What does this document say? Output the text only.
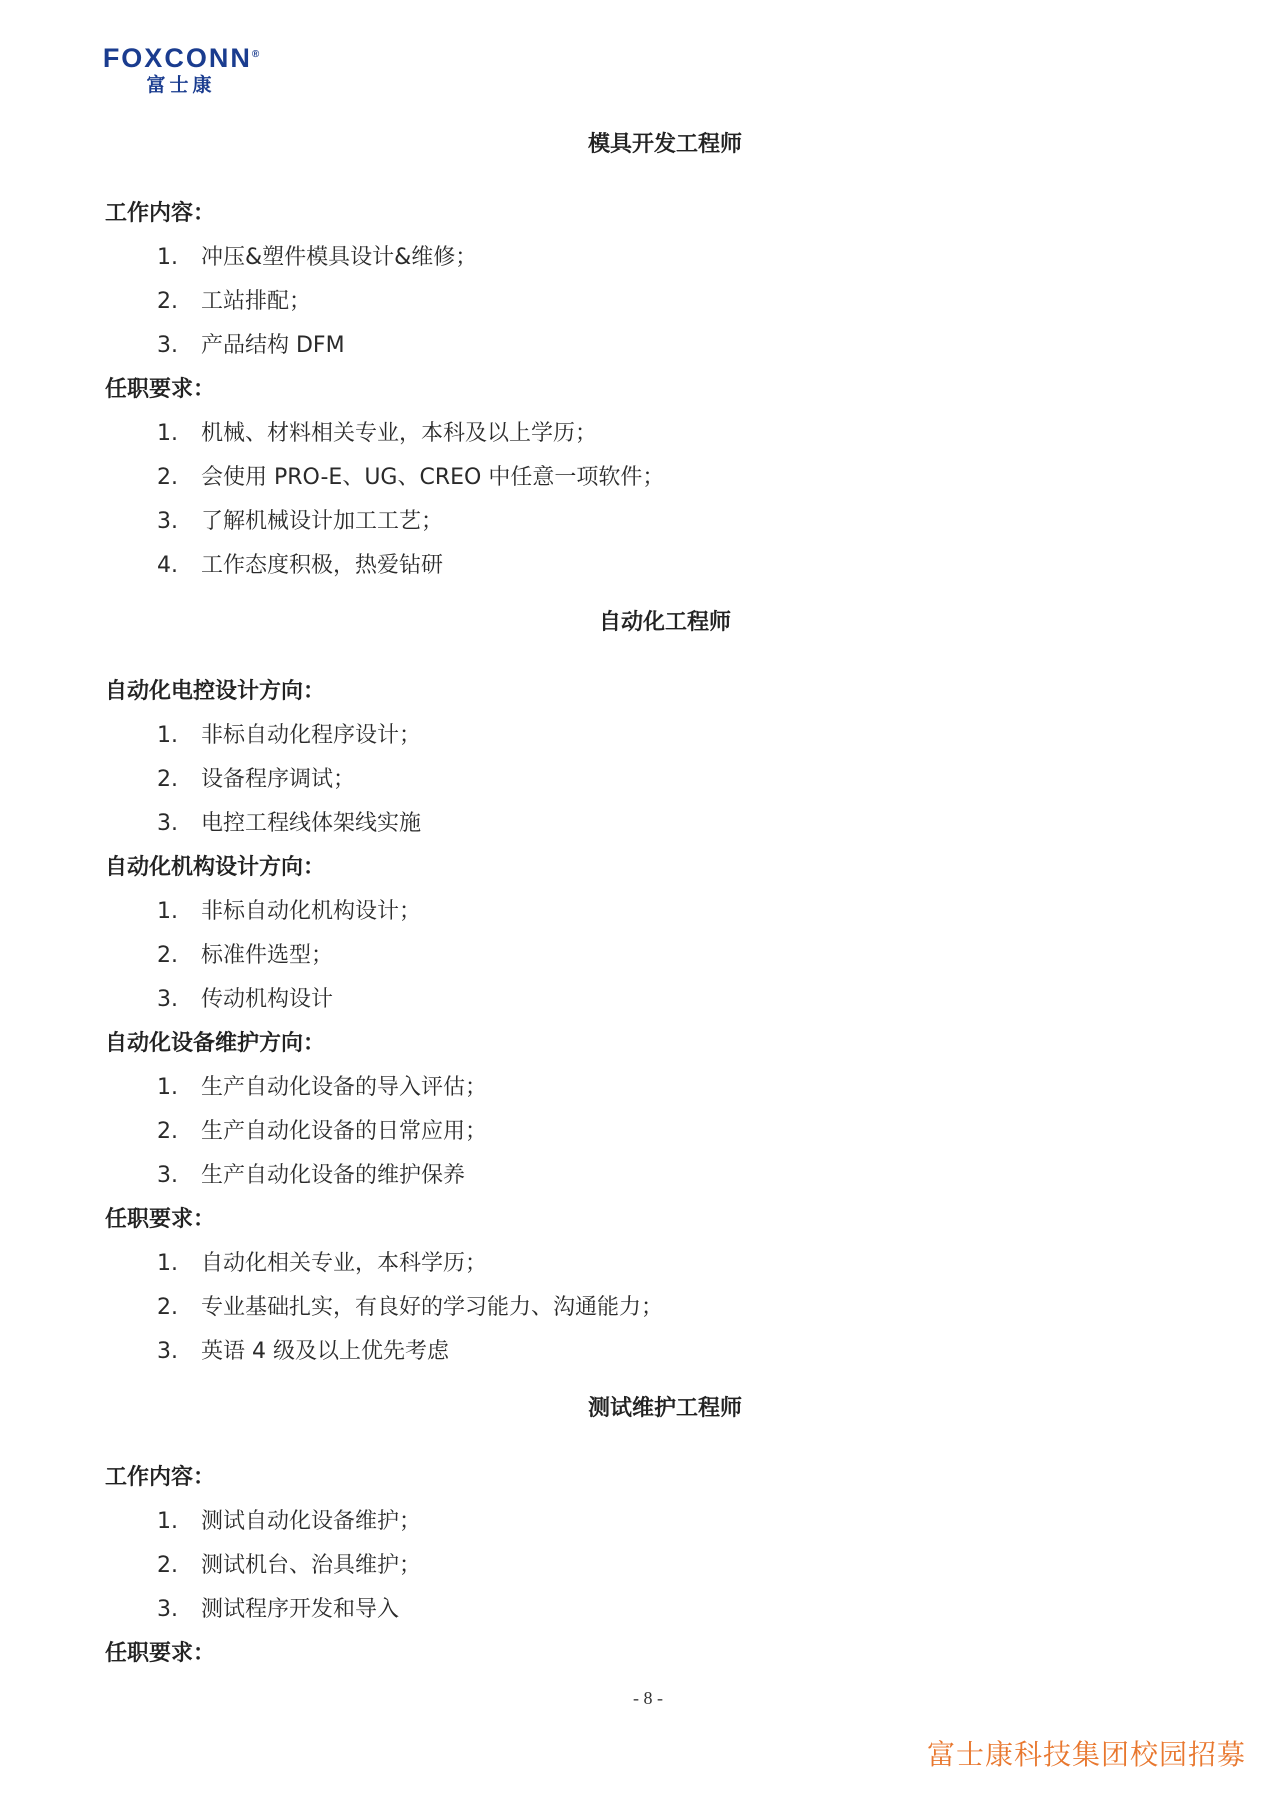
FOXCONN®
富士康
模具开发工程师
工作内容：
1. 冲压&塑件模具设计&维修；
2. 工站排配；
3. 产品结构 DFM
任职要求：
1. 机械、材料相关专业，本科及以上学历；
2. 会使用 PRO-E、UG、CREO 中任意一项软件；
3. 了解机械设计加工工艺；
4. 工作态度积极，热爱钻研
自动化工程师
自动化电控设计方向：
1. 非标自动化程序设计；
2. 设备程序调试；
3. 电控工程线体架线实施
自动化机构设计方向：
1. 非标自动化机构设计；
2. 标准件选型；
3. 传动机构设计
自动化设备维护方向：
1. 生产自动化设备的导入评估；
2. 生产自动化设备的日常应用；
3. 生产自动化设备的维护保养
任职要求：
1. 自动化相关专业，本科学历；
2. 专业基础扎实，有良好的学习能力、沟通能力；
3. 英语 4 级及以上优先考虑
测试维护工程师
工作内容：
1. 测试自动化设备维护；
2. 测试机台、治具维护；
3. 测试程序开发和导入
任职要求：
- 8 -
富士康科技集团校园招募
